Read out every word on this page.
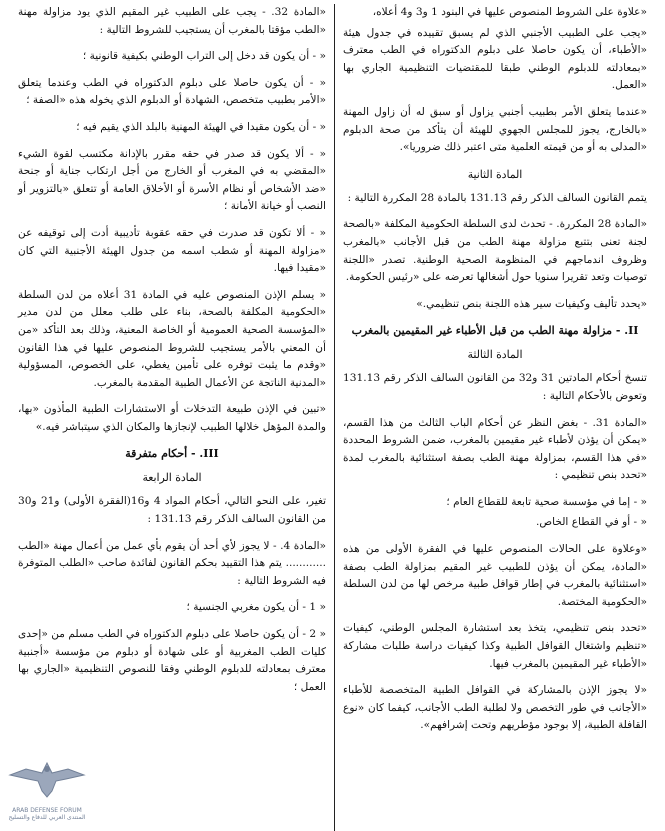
«علاوة على الشروط المنصوص عليها في البنود 1 و3 و4 أعلاه،
«يجب على الطبيب الأجنبي الذي لم يسبق تقييده في جدول هيئة «الأطباء، أن يكون حاصلا على دبلوم الدكتوراه في الطب معترف «بمعادلته للدبلوم الوطني طبقا للمقتضيات التنظيمية الجاري بها «العمل.
«عندما يتعلق الأمر بطبيب أجنبي يزاول أو سبق له أن زاول المهنة «بالخارج، يجوز للمجلس الجهوي للهيئة أن يتأكد من صحة الدبلوم «المدلى به أو من قيمته العلمية متى اعتبر ذلك ضروريا».
المادة الثانية
يتمم القانون السالف الذكر رقم 131.13 بالمادة 28 المكررة التالية :
«المادة 28 المكررة. - تحدث لدى السلطة الحكومية المكلفة «بالصحة لجنة تعنى بتتبع مزاولة مهنة الطب من قبل الأجانب «بالمغرب وظروف اندماجهم في المنظومة الصحية الوطنية. تصدر «اللجنة توصيات وتعد تقريرا سنويا حول أشغالها تعرضه على «رئيس الحكومة.
«يحدد تأليف وكيفيات سير هذه اللجنة بنص تنظيمي.»
II. - مزاولة مهنة الطب من قبل الأطباء غير المقيمين بالمغرب
المادة الثالثة
تنسخ أحكام المادتين 31 و32 من القانون السالف الذكر رقم 131.13 وتعوض بالأحكام التالية :
«المادة 31. - بغض النظر عن أحكام الباب الثالث من هذا القسم، «يمكن أن يؤذن لأطباء غير مقيمين بالمغرب، ضمن الشروط المحددة «في هذا القسم، بمزاولة مهنة الطب بصفة استثنائية بالمغرب لمدة «تحدد بنص تنظيمي :
« - إما في مؤسسة صحية تابعة للقطاع العام ؛
« - أو في القطاع الخاص.
«وعلاوة على الحالات المنصوص عليها في الفقرة الأولى من هذه «المادة، يمكن أن يؤذن للطبيب غير المقيم بمزاولة الطب بصفة «استثنائية بالمغرب في إطار قوافل طبية مرخص لها من لدن السلطة «الحكومية المختصة.
«تحدد بنص تنظيمي، يتخذ بعد استشارة المجلس الوطني، كيفيات «تنظيم واشتغال القوافل الطبية وكذا كيفيات دراسة طلبات مشاركة «الأطباء غير المقيمين بالمغرب فيها.
«لا يجوز الإذن بالمشاركة في القوافل الطبية المتخصصة للأطباء «الأجانب في طور التخصص ولا لطلبة الطب الأجانب، كيفما كان «نوع القافلة الطبية، إلا بوجود مؤطريهم وتحت إشرافهم».
«المادة 32. - يجب على الطبيب غير المقيم الذي يود مزاولة مهنة «الطب مؤقتا بالمغرب أن يستجيب للشروط التالية :
« - أن يكون قد دخل إلى التراب الوطني بكيفية قانونية ؛
« - أن يكون حاصلا على دبلوم الدكتوراه في الطب وعندما يتعلق «الأمر بطبيب متخصص، الشهادة أو الدبلوم الذي يخوله هذه «الصفة ؛
« - أن يكون مقيدا في الهيئة المهنية بالبلد الذي يقيم فيه ؛
« - ألا يكون قد صدر في حقه مقرر بالإدانة مكتسب لقوة الشيء «المقضي به في المغرب أو الخارج من أجل ارتكاب جناية أو جنحة «ضد الأشخاص أو نظام الأسرة أو الأخلاق العامة أو تتعلق «بالتزوير أو النصب أو خيانة الأمانة ؛
« - ألا تكون قد صدرت في حقه عقوبة تأديبية أدت إلى توقيفه عن «مزاولة المهنة أو شطب اسمه من جدول الهيئة الأجنبية التي كان «مقيدا فيها.
« يسلم الإذن المنصوص عليه في المادة 31 أعلاه من لدن السلطة «الحكومية المكلفة بالصحة، بناء على طلب معلل من لدن مدير «المؤسسة الصحية العمومية أو الخاصة المعنية، وذلك بعد التأكد «من أن المعني بالأمر يستجيب للشروط المنصوص عليها في هذا القانون «وقدم ما يثبت توفره على تأمين يغطي، على الخصوص، المسؤولية «المدنية الناتجة عن الأعمال الطبية المقدمة بالمغرب.
«تبين في الإذن طبيعة التدخلات أو الاستشارات الطبية المأذون «بها، والمدة المؤهل خلالها الطبيب لإنجازها والمكان الذي سيتباشر فيه.»
III. - أحكام متفرقة
المادة الرابعة
تغير، على النحو التالي، أحكام المواد 4 و16(الفقرة الأولى) و21 و30 من القانون السالف الذكر رقم 131.13 :
«المادة 4. - لا يجوز لأي أحد أن يقوم بأي عمل من أعمال مهنة «الطب ............ يتم هذا التقييد بحكم القانون لفائدة صاحب «الطلب المتوفرة فيه الشروط التالية :
« 1 - أن يكون مغربي الجنسية ؛
« 2 - أن يكون حاصلا على دبلوم الدكتوراه في الطب مسلم من «إحدى كليات الطب المغربية أو على شهادة أو دبلوم من مؤسسة «أجنبية معترف بمعادلته للدبلوم الوطني وفقا للنصوص التنظيمية «الجاري بها العمل ؛
ARAB DEFENSE FORUM
المنتدى العربي للدفاع والتسليح
